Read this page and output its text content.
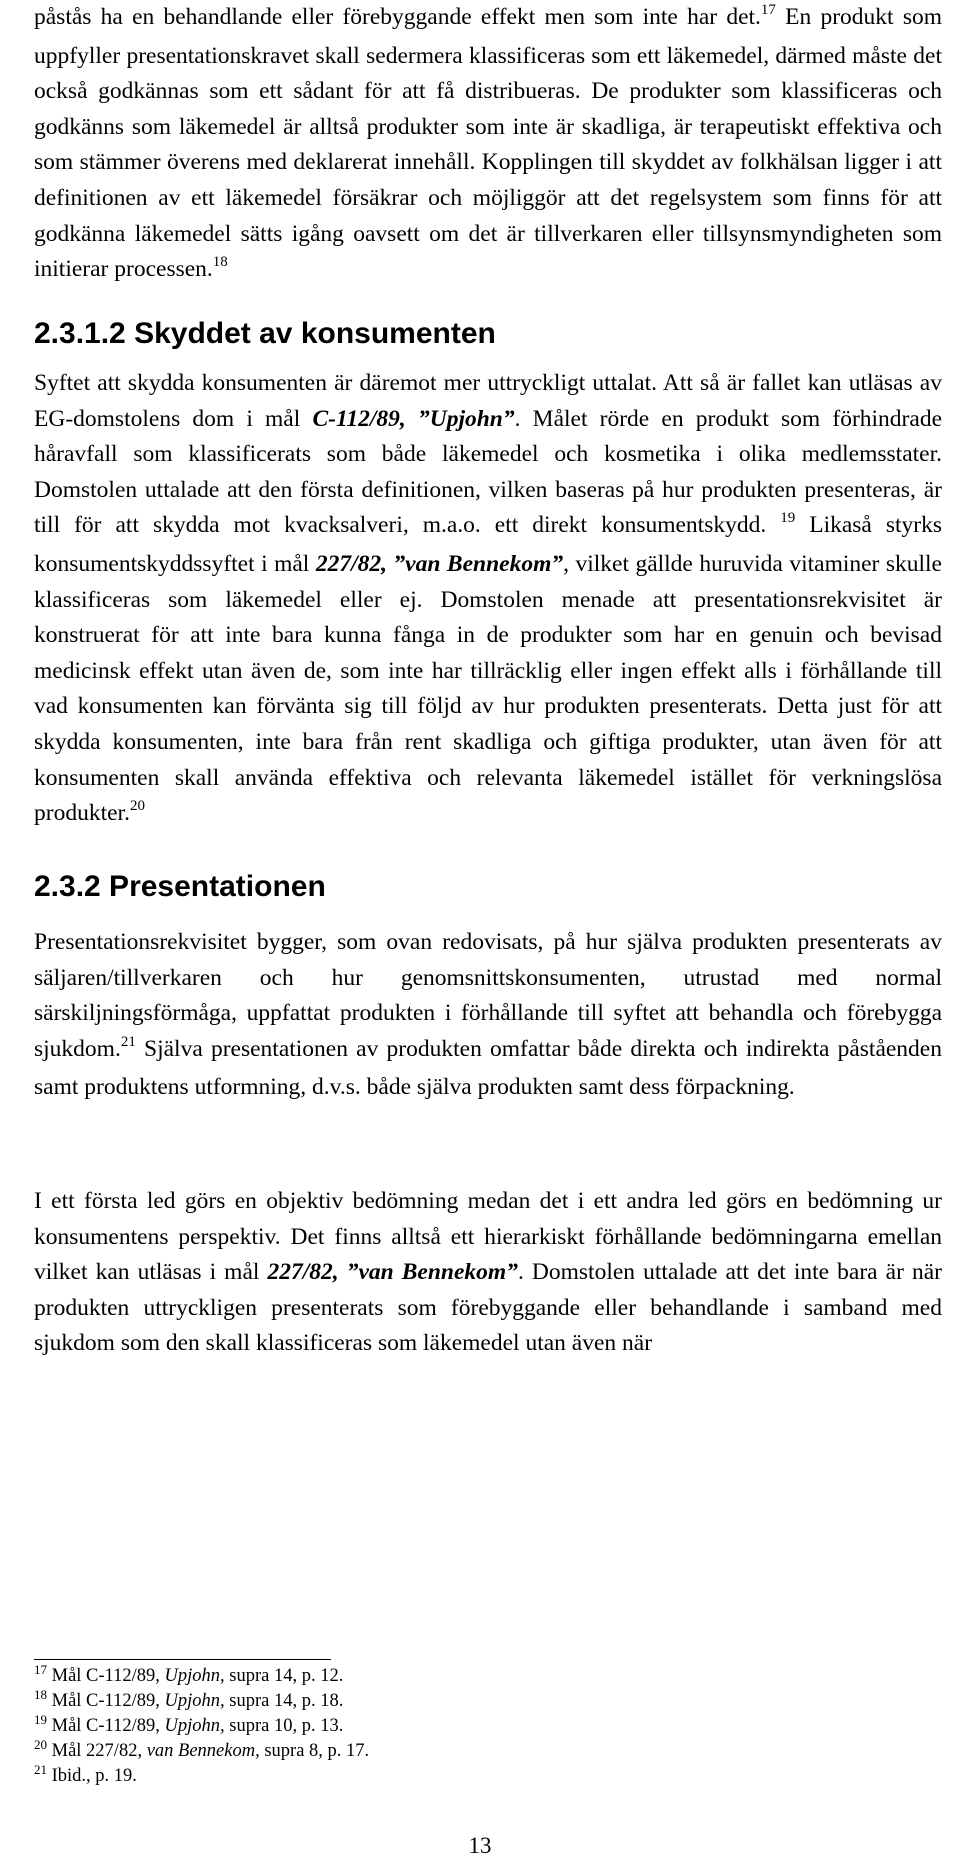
påstås ha en behandlande eller förebyggande effekt men som inte har det.$^{17}$ En produkt som uppfyller presentationskravet skall sedermera klassificeras som ett läkemedel, därmed måste det också godkännas som ett sådant för att få distribueras. De produkter som klassificeras och godkänns som läkemedel är alltså produkter som inte är skadliga, är terapeutiskt effektiva och som stämmer överens med deklarerat innehåll. Kopplingen till skyddet av folkhälsan ligger i att definitionen av ett läkemedel försäkrar och möjliggör att det regelsystem som finns för att godkänna läkemedel sätts igång oavsett om det är tillverkaren eller tillsynsmyndigheten som initierar processen.$^{18}$

2.3.1.2 Skyddet av konsumenten

Syftet att skydda konsumenten är däremot mer uttryckligt uttalat. Att så är fallet kan utläsas av EG-domstolens dom i mål C-112/89, ”Upjohn”. Målet rörde en produkt som förhindrade håravfall som klassificerats som både läkemedel och kosmetika i olika medlemsstater. Domstolen uttalade att den första definitionen, vilken baseras på hur produkten presenteras, är till för att skydda mot kvacksalveri, m.a.o. ett direkt konsumentskydd. $^{19}$ Likaså styrks konsumentskyddssyftet i mål 227/82, ”van Bennekom”, vilket gällde huruvida vitaminer skulle klassificeras som läkemedel eller ej. Domstolen menade att presentationsrekvisitet är konstruerat för att inte bara kunna fånga in de produkter som har en genuin och bevisad medicinsk effekt utan även de, som inte har tillräcklig eller ingen effekt alls i förhållande till vad konsumenten kan förvänta sig till följd av hur produkten presenterats. Detta just för att skydda konsumenten, inte bara från rent skadliga och giftiga produkter, utan även för att konsumenten skall använda effektiva och relevanta läkemedel istället för verkningslösa produkter.$^{20}$

2.3.2 Presentationen

Presentationsrekvisitet bygger, som ovan redovisats, på hur själva produkten presenterats av säljaren/tillverkaren och hur genomsnittskonsumenten, utrustad med normal särskiljningsförmåga, uppfattat produkten i förhållande till syftet att behandla och förebygga sjukdom.$^{21}$ Själva presentationen av produkten omfattar både direkta och indirekta påståenden samt produktens utformning, d.v.s. både själva produkten samt dess förpackning.

I ett första led görs en objektiv bedömning medan det i ett andra led görs en bedömning ur konsumentens perspektiv. Det finns alltså ett hierarkiskt förhållande bedömningarna emellan vilket kan utläsas i mål 227/82, ”van Bennekom”. Domstolen uttalade att det inte bara är när produkten uttryckligen presenterats som förebyggande eller behandlande i samband med sjukdom som den skall klassificeras som läkemedel utan även när

$^{17}$ Mål C-112/89, Upjohn, supra 14, p. 12.
$^{18}$ Mål C-112/89, Upjohn, supra 14, p. 18.
$^{19}$ Mål C-112/89, Upjohn, supra 10, p. 13.
$^{20}$ Mål 227/82, van Bennekom, supra 8, p. 17.
$^{21}$ Ibid., p. 19.
13
